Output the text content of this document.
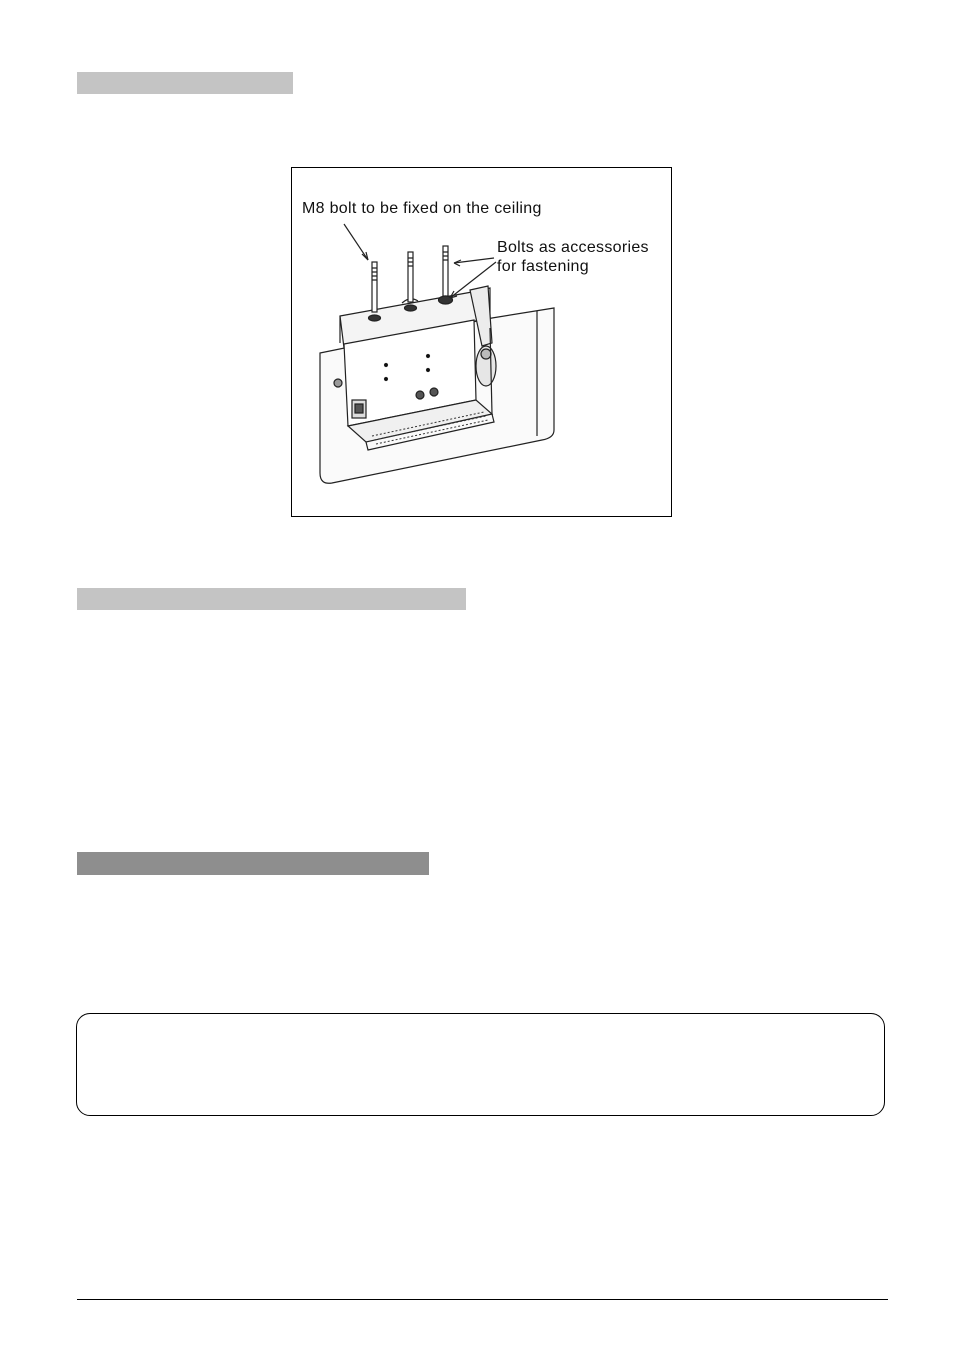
M8 bolt to be fixed on the ceiling
Bolts as accessories
for fastening
